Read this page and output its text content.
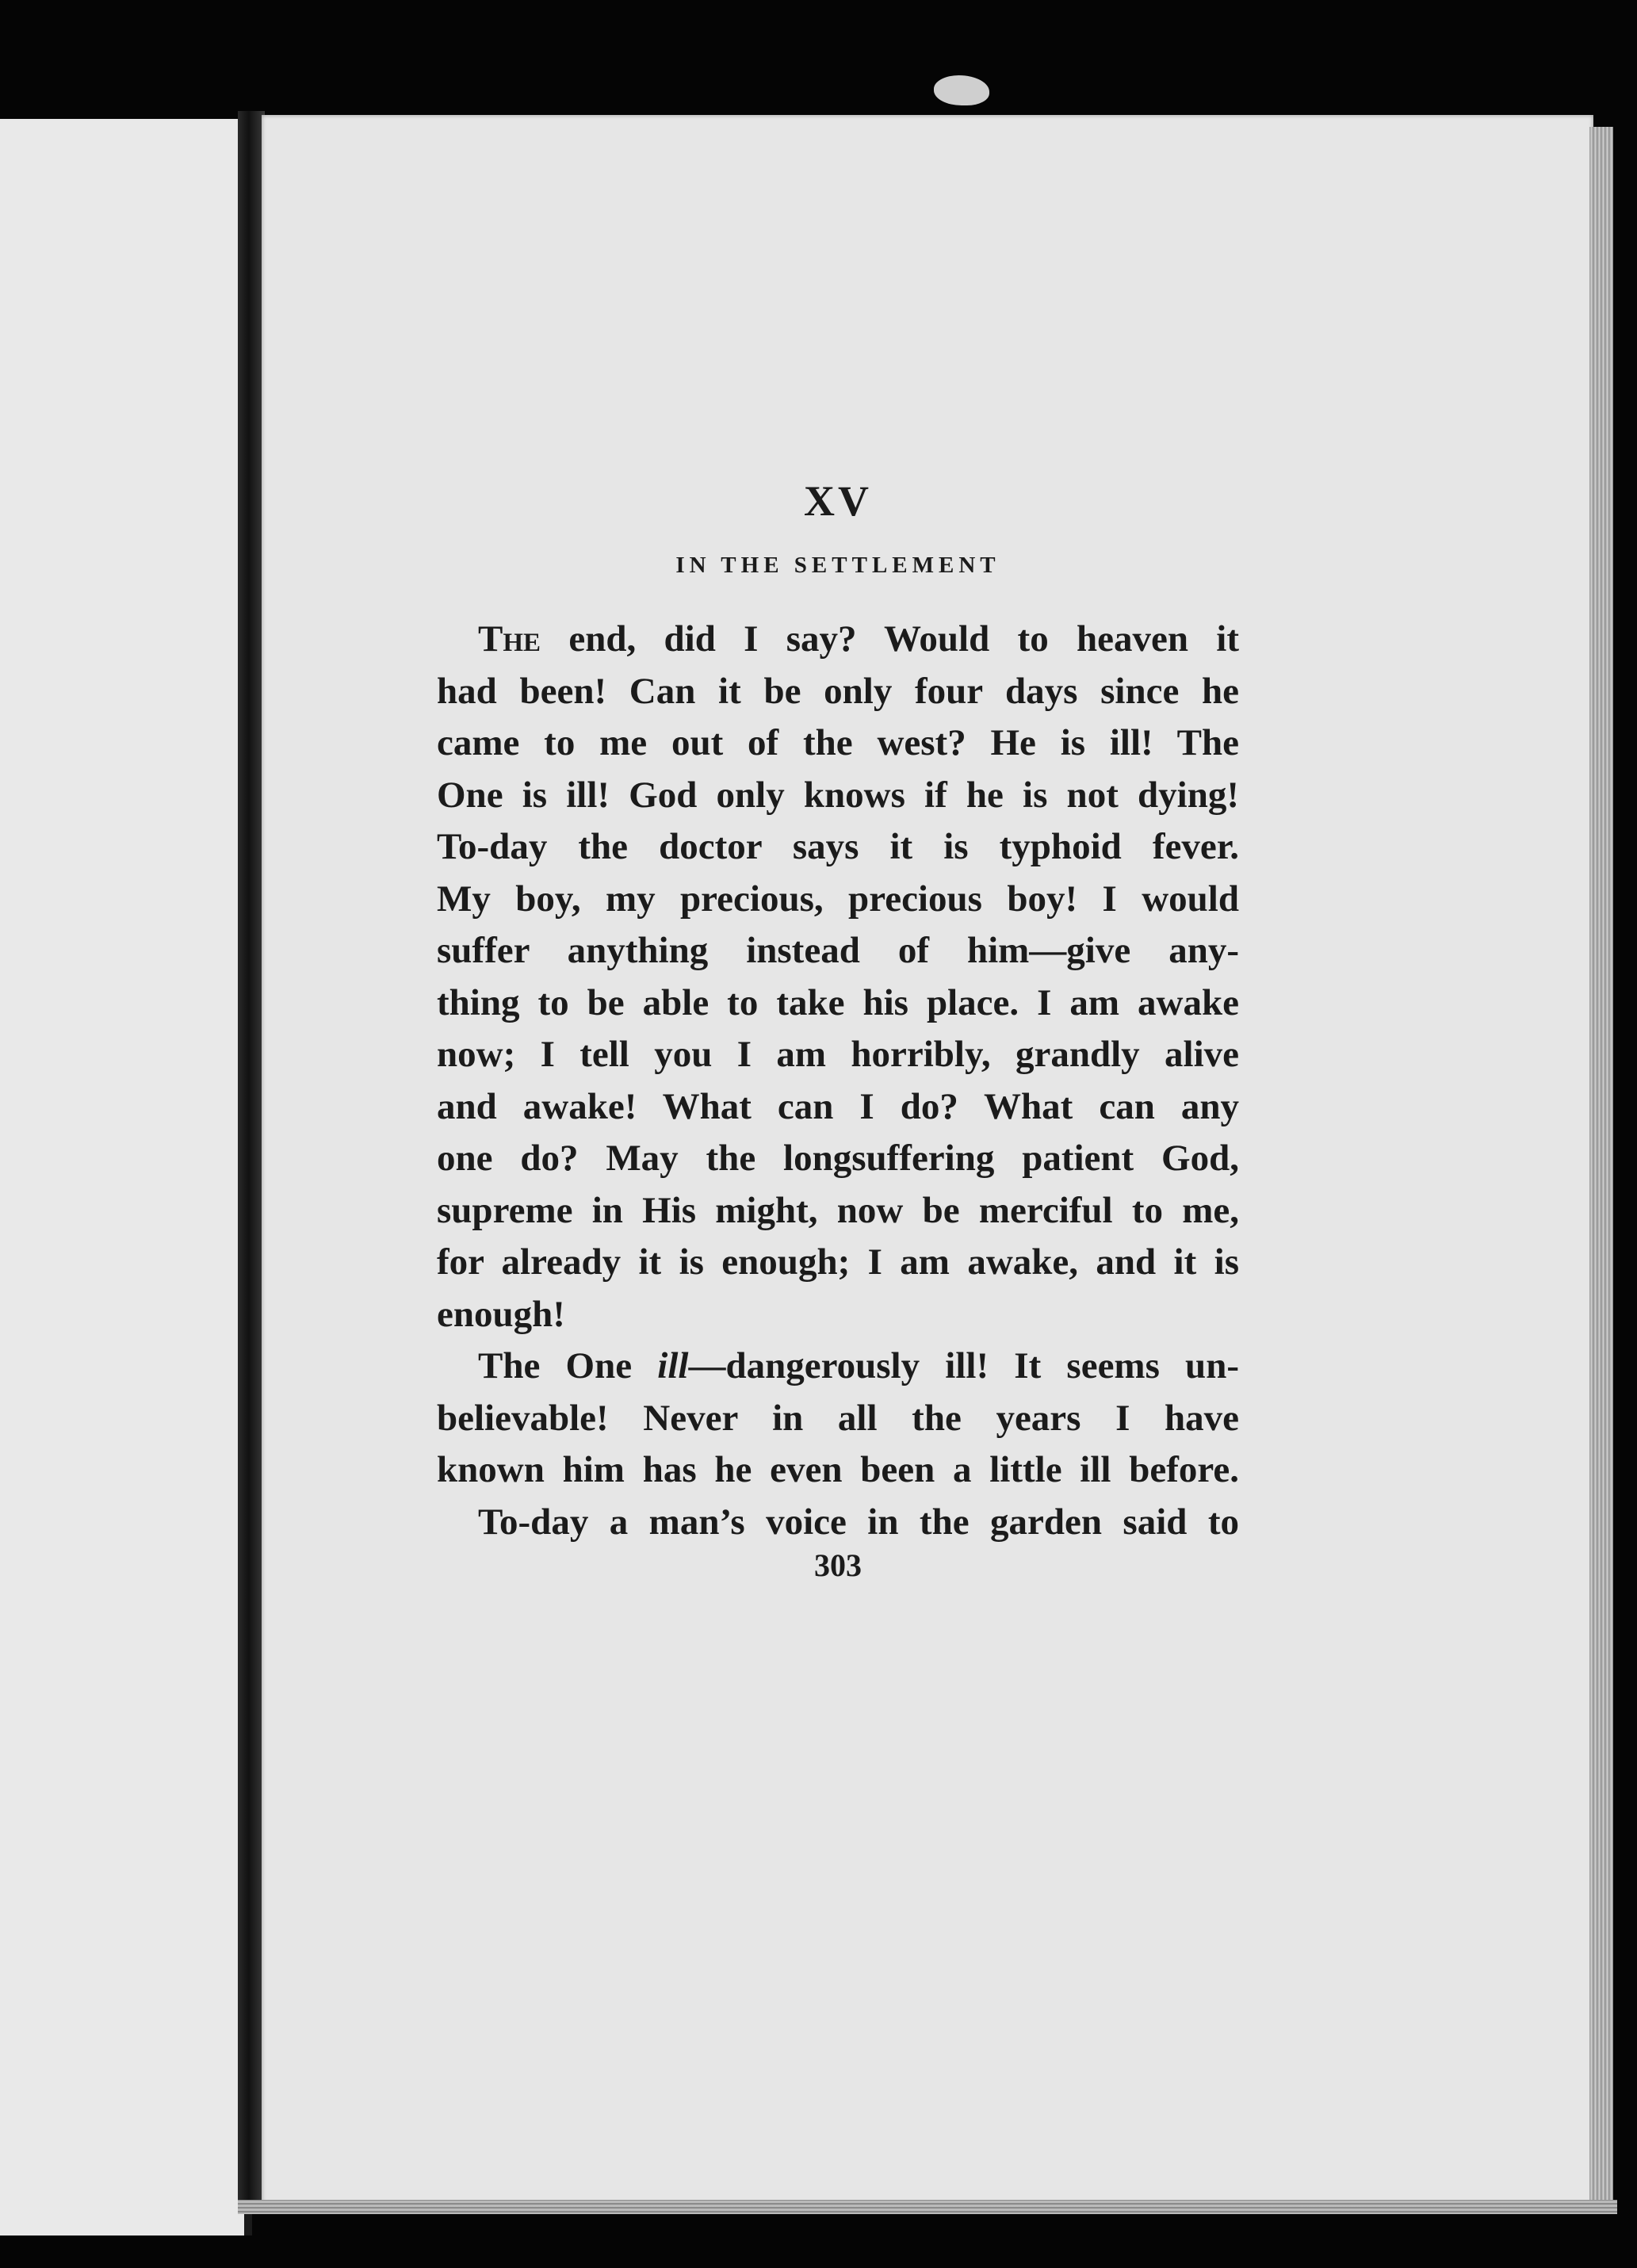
XV
IN THE SETTLEMENT
The end, did I say? Would to heaven it
had been! Can it be only four days since he
came to me out of the west? He is ill! The
One is ill! God only knows if he is not dying!
To-day the doctor says it is typhoid fever.
My boy, my precious, precious boy! I would
suffer anything instead of him—give any-
thing to be able to take his place. I am awake
now; I tell you I am horribly, grandly alive
and awake! What can I do? What can any
one do? May the longsuffering patient God,
supreme in His might, now be merciful to me,
for already it is enough; I am awake, and it is
enough!
The One ill—dangerously ill! It seems un-
believable! Never in all the years I have
known him has he even been a little ill before.
To-day a man’s voice in the garden said to
303
